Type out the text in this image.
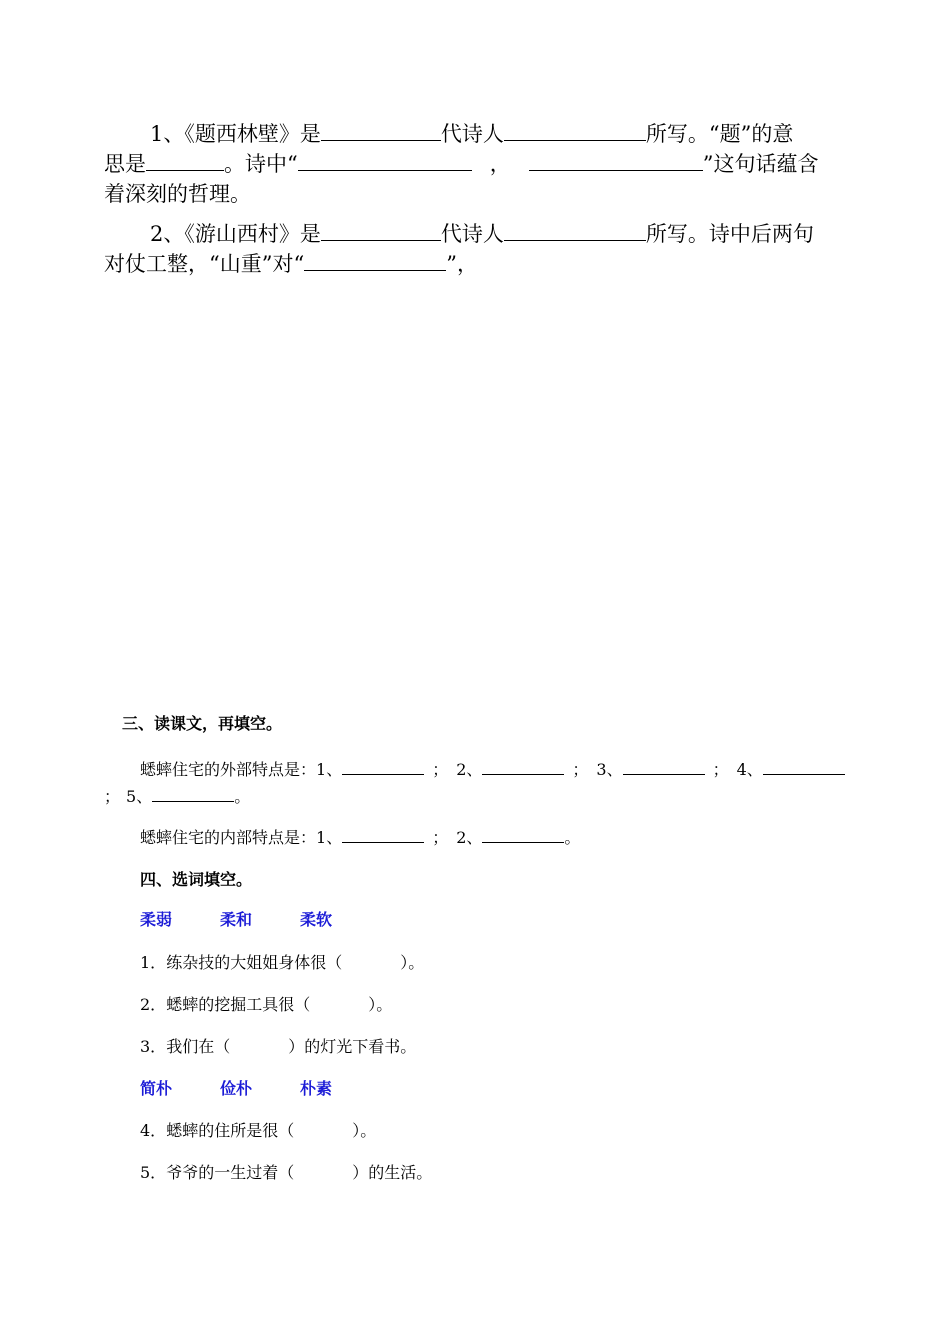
1、《题西林壁》是	代诗人	所写。“题”的意
思是	。诗中“	，	”这句话蕴含
着深刻的哲理。
2、《游山西村》是	代诗人	所写。诗中后两句
对仗工整，“山重”对“	”，
三、读课文，再填空。
蟋蟀住宅的外部特点是：1、	； 2、	； 3、	； 4、
； 5、	。
蟋蟀住宅的内部特点是：1、	； 2、	。
四、选词填空。
柔弱	柔和	柔软
1．练杂技的大姐姐身体很（	）。
2．蟋蟀的挖掘工具很（	）。
3．我们在（	）的灯光下看书。
简朴	俭朴	朴素
4．蟋蟀的住所是很（	）。
5．爷爷的一生过着（	）的生活。
